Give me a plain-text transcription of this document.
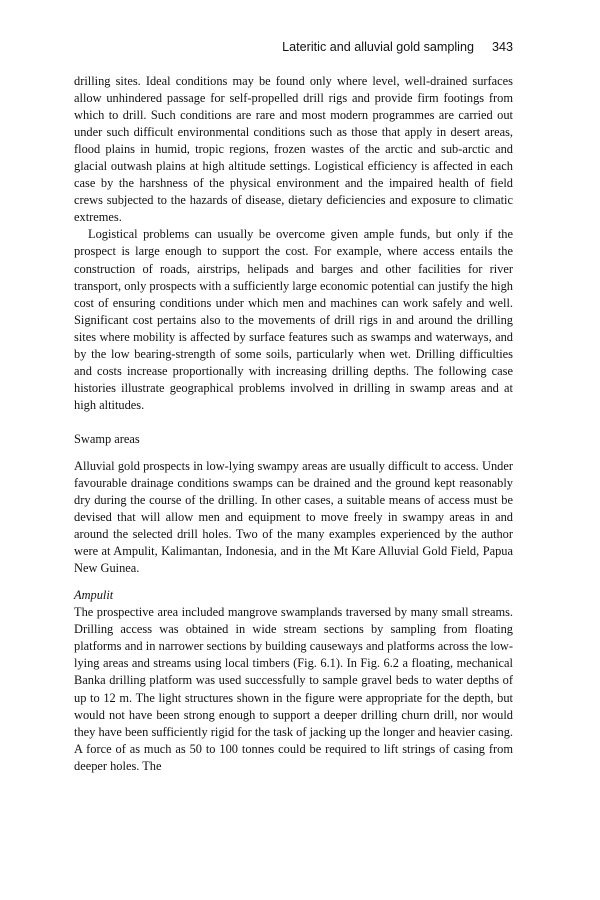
Lateritic and alluvial gold sampling 343

drilling sites. Ideal conditions may be found only where level, well-drained surfaces allow unhindered passage for self-propelled drill rigs and provide firm footings from which to drill. Such conditions are rare and most modern programmes are carried out under such difficult environmental conditions such as those that apply in desert areas, flood plains in humid, tropic regions, frozen wastes of the arctic and sub-arctic and glacial outwash plains at high altitude settings. Logistical efficiency is affected in each case by the harshness of the physical environment and the impaired health of field crews subjected to the hazards of disease, dietary deficiencies and exposure to climatic extremes.

Logistical problems can usually be overcome given ample funds, but only if the prospect is large enough to support the cost. For example, where access entails the construction of roads, airstrips, helipads and barges and other facilities for river transport, only prospects with a sufficiently large economic potential can justify the high cost of ensuring conditions under which men and machines can work safely and well. Significant cost pertains also to the movements of drill rigs in and around the drilling sites where mobility is affected by surface features such as swamps and waterways, and by the low bearing-strength of some soils, particularly when wet. Drilling difficulties and costs increase proportionally with increasing drilling depths. The following case histories illustrate geographical problems involved in drilling in swamp areas and at high altitudes.

Swamp areas

Alluvial gold prospects in low-lying swampy areas are usually difficult to access. Under favourable drainage conditions swamps can be drained and the ground kept reasonably dry during the course of the drilling. In other cases, a suitable means of access must be devised that will allow men and equipment to move freely in swampy areas in and around the selected drill holes. Two of the many examples experienced by the author were at Ampulit, Kalimantan, Indonesia, and in the Mt Kare Alluvial Gold Field, Papua New Guinea.

Ampulit

The prospective area included mangrove swamplands traversed by many small streams. Drilling access was obtained in wide stream sections by sampling from floating platforms and in narrower sections by building causeways and platforms across the low-lying areas and streams using local timbers (Fig. 6.1). In Fig. 6.2 a floating, mechanical Banka drilling platform was used successfully to sample gravel beds to water depths of up to 12 m. The light structures shown in the figure were appropriate for the depth, but would not have been strong enough to support a deeper drilling churn drill, nor would they have been sufficiently rigid for the task of jacking up the longer and heavier casing. A force of as much as 50 to 100 tonnes could be required to lift strings of casing from deeper holes. The
